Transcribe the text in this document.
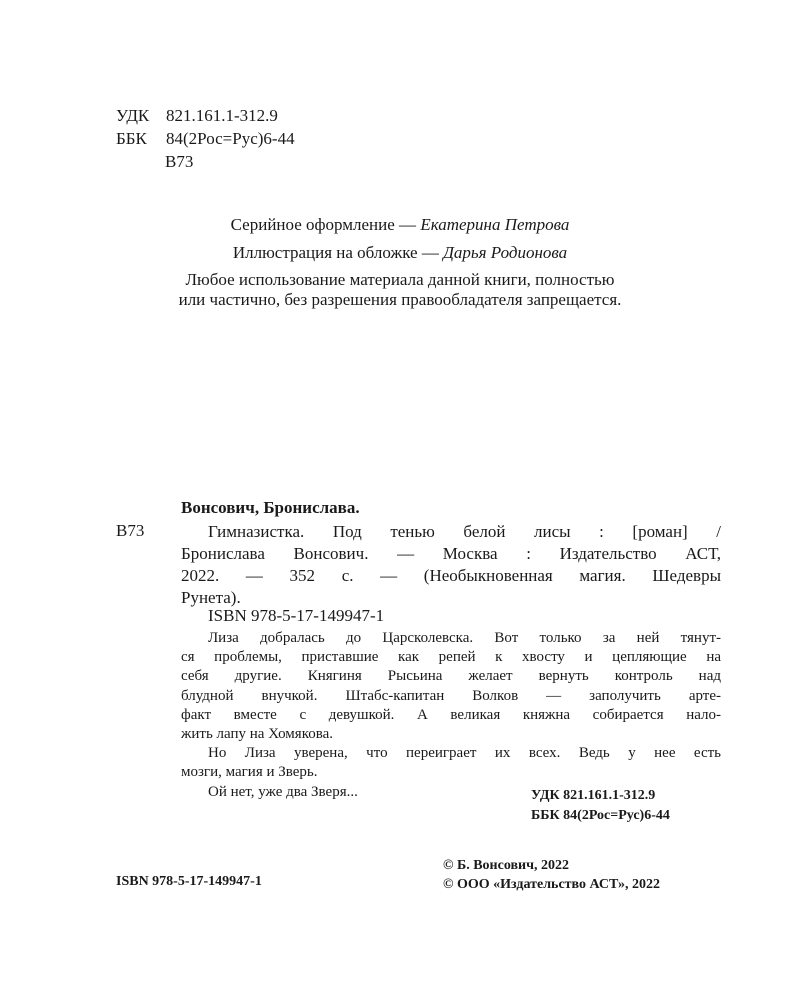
УДК 821.161.1-312.9
ББК	84(2Рос=Рус)6-44
В73
Серийное оформление — Екатерина Петрова
Иллюстрация на обложке — Дарья Родионова
Любое использование материала данной книги, полностью
или частично, без разрешения правообладателя запрещается.
Вонсович, Бронислава.
В73	Гимназистка. Под тенью белой лисы : [роман] /
Бронислава Вонсович. — Москва : Издательство АСТ,
2022. — 352 с. — (Необыкновенная магия. Шедевры
Рунета).
ISBN 978-5-17-149947-1
Лиза добралась до Царсколевска. Вот только за ней тянут-
ся проблемы, приставшие как репей к хвосту и цепляющие на
себя другие. Княгиня Рысьина желает вернуть контроль над
блудной внучкой. Штабс-капитан Волков — заполучить арте-
факт вместе с девушкой. А великая княжна собирается нало-
жить лапу на Хомякова.
Но Лиза уверена, что переиграет их всех. Ведь у нее есть
мозги, магия и Зверь.
Ой нет, уже два Зверя...	УДК 821.161.1-312.9
ББК 84(2Рос=Рус)6-44
ISBN 978-5-17-149947-1
© Б. Вонсович, 2022
© ООО «Издательство АСТ», 2022
